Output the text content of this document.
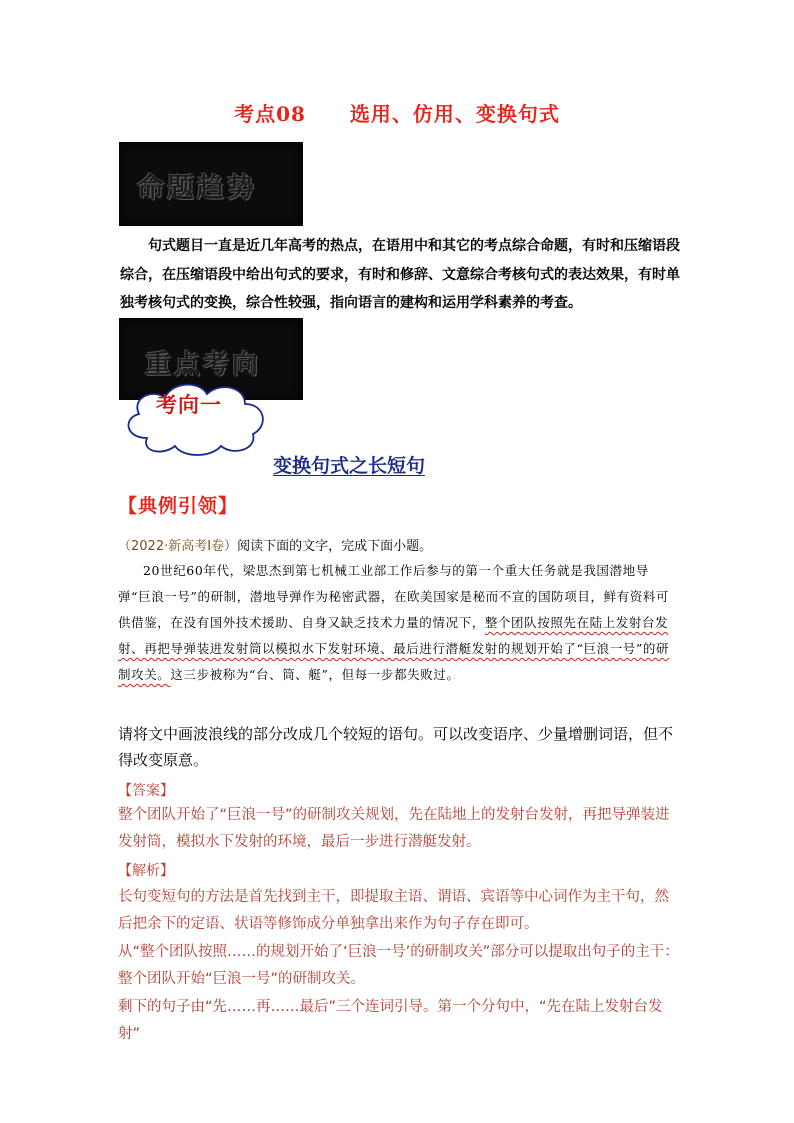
考点08 选用、仿用、变换句式
命题趋势
句式题目一直是近几年高考的热点，在语用中和其它的考点综合命题，有时和压缩语段综合，在压缩语段中给出句式的要求，有时和修辞、文意综合考核句式的表达效果，有时单独考核句式的变换，综合性较强，指向语言的建构和运用学科素养的考查。
重点考向
考向一
变换句式之长短句
【典例引领】
（2022·新高考Ⅰ卷）阅读下面的文字，完成下面小题。
20世纪60年代，梁思杰到第七机械工业部工作后参与的第一个重大任务就是我国潜地导弹“巨浪一号”的研制，潜地导弹作为秘密武器，在欧美国家是秘而不宣的国防项目，鲜有资料可供借鉴，在没有国外技术援助、自身又缺乏技术力量的情况下，整个团队按照先在陆上发射台发射、再把导弹装进发射筒以模拟水下发射环境、最后进行潜艇发射的规划开始了“巨浪一号”的研制攻关。这三步被称为“台、筒、艇”，但每一步都失败过。
请将文中画波浪线的部分改成几个较短的语句。可以改变语序、少量增删词语，但不得改变原意。
【答案】
整个团队开始了“巨浪一号”的研制攻关规划，先在陆地上的发射台发射，再把导弹装进发射筒，模拟水下发射的环境，最后一步进行潜艇发射。
【解析】
长句变短句的方法是首先找到主干，即提取主语、谓语、宾语等中心词作为主干句，然后把余下的定语、状语等修饰成分单独拿出来作为句子存在即可。
从“整个团队按照……的规划开始了‘巨浪一号’的研制攻关”部分可以提取出句子的主干：整个团队开始“巨浪一号”的研制攻关。
剩下的句子由“先……再……最后”三个连词引导。第一个分句中，“先在陆上发射台发射”
